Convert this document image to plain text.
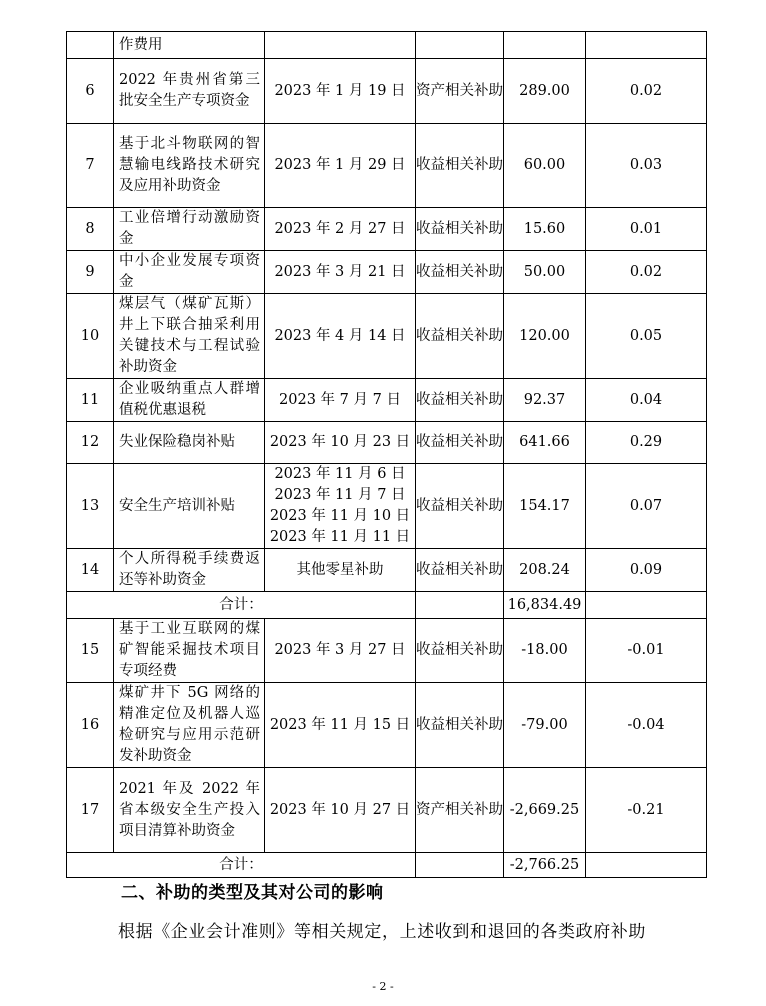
	作费用				
6	2022 年贵州省第三批安全生产专项资金	2023 年 1 月 19 日	资产相关补助	289.00	0.02
7	基于北斗物联网的智慧输电线路技术研究及应用补助资金	2023 年 1 月 29 日	收益相关补助	60.00	0.03
8	工业倍增行动激励资金	2023 年 2 月 27 日	收益相关补助	15.60	0.01
9	中小企业发展专项资金	2023 年 3 月 21 日	收益相关补助	50.00	0.02
10	煤层气（煤矿瓦斯）井上下联合抽采利用关键技术与工程试验补助资金	2023 年 4 月 14 日	收益相关补助	120.00	0.05
11	企业吸纳重点人群增值税优惠退税	2023 年 7 月 7 日	收益相关补助	92.37	0.04
12	失业保险稳岗补贴	2023 年 10 月 23 日	收益相关补助	641.66	0.29
13	安全生产培训补贴	2023 年 11 月 6 日
2023 年 11 月 7 日
2023 年 11 月 10 日
2023 年 11 月 11 日	收益相关补助	154.17	0.07
14	个人所得税手续费返还等补助资金	其他零星补助	收益相关补助	208.24	0.09
合计：				16,834.49	
15	基于工业互联网的煤矿智能采掘技术项目专项经费	2023 年 3 月 27 日	收益相关补助	-18.00	-0.01
16	煤矿井下 5G 网络的精准定位及机器人巡检研究与应用示范研发补助资金	2023 年 11 月 15 日	收益相关补助	-79.00	-0.04
17	2021 年及 2022 年省本级安全生产投入项目清算补助资金	2023 年 10 月 27 日	资产相关补助	-2,669.25	-0.21
合计：				-2,766.25	
二、补助的类型及其对公司的影响
根据《企业会计准则》等相关规定，上述收到和退回的各类政府补助
- 2 -
